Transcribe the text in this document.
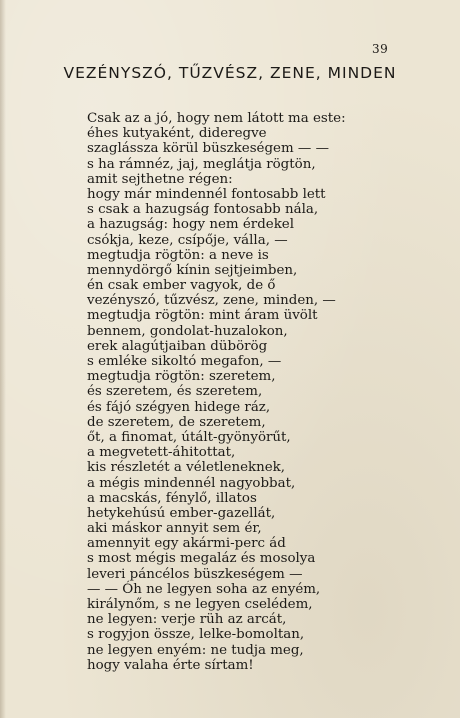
39
VEZÉNYSZÓ, TŰZVÉSZ, ZENE, MINDEN
Csak az a jó, hogy nem látott ma este:
éhes kutyaként, dideregve
szaglássza körül büszkeségem — —
s ha rámnéz, jaj, meglátja rögtön,
amit sejthetne régen:
hogy már mindennél fontosabb lett
s csak a hazugság fontosabb nála,
a hazugság: hogy nem érdekel
csókja, keze, csípője, válla, —
megtudja rögtön: a neve is
mennydörgő kínin sejtjeimben,
én csak ember vagyok, de ő
vezényszó, tűzvész, zene, minden, —
megtudja rögtön: mint áram üvölt
bennem, gondolat-huzalokon,
erek alagútjaiban dübörög
s emléke sikoltó megafon, —
megtudja rögtön: szeretem,
és szeretem, és szeretem,
és fájó szégyen hidege ráz,
de szeretem, de szeretem,
őt, a finomat, útált-gyönyörűt,
a megvetett-áhitottat,
kis részletét a véletleneknek,
a mégis mindennél nagyobbat,
a macskás, fénylő, illatos
hetykehúsú ember-gazellát,
aki máskor annyit sem ér,
amennyit egy akármi-perc ád
s most mégis megaláz és mosolya
leveri páncélos büszkeségem —
— — Óh ne legyen soha az enyém,
királynőm, s ne legyen cselédem,
ne legyen: verje rüh az arcát,
s rogyjon össze, lelke-bomoltan,
ne legyen enyém: ne tudja meg,
hogy valaha érte sírtam!
